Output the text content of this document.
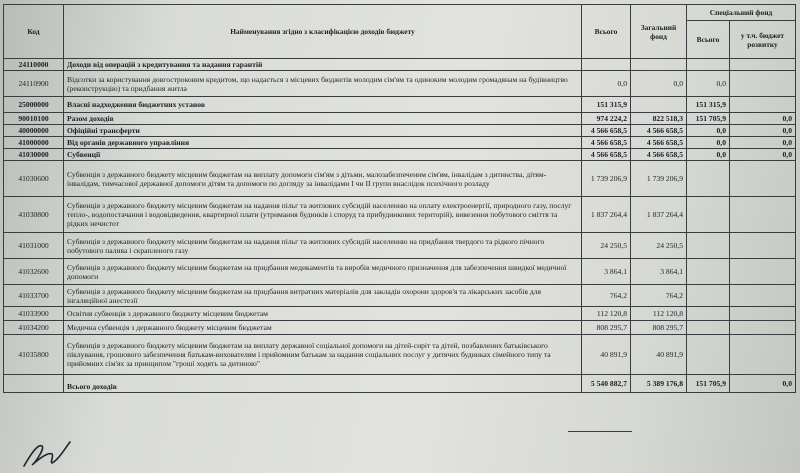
Код	Найменування згідно з класифікацією доходів бюджету	Всього	Загальний фонд	Спеціальний фонд	
				Всього	у т.ч. бюджет розвитку
24110000	Доходи від операцій з кредитування та надання гарантій				
24110900	Відсотки за користування довгостроковим кредитом, що надається з місцевих бюджетів молодим сім'ям та одиноким молодим громадянам на будівництво (реконструкцію) та придбання житла	0,0	0,0	0,0	
25000000	Власні надходження бюджетних установ	151 315,9		151 315,9	
90010100	Разом доходів	974 224,2	822 518,3	151 705,9	0,0
40000000	Офіційні трансферти	4 566 658,5	4 566 658,5	0,0	0,0
41000000	Від органів державного управління	4 566 658,5	4 566 658,5	0,0	0,0
41030000	Субвенції	4 566 658,5	4 566 658,5	0,0	0,0
41030600	Субвенція з державного бюджету місцевим бюджетам на виплату допомоги сім'ям з дітьми, малозабезпеченим сім'ям, інвалідам з дитинства, дітям-інвалідам, тимчасової державної допомоги дітям та допомоги по догляду за інвалідами I чи II групи внаслідок психічного розладу	1 739 206,9	1 739 206,9		
41030800	Субвенція з державного бюджету місцевим бюджетам на надання пільг та житлових субсидій населенню на оплату електроенергії, природного газу, послуг тепло-, водопостачання і водовідведення, квартирної плати (утримання будинків і споруд та прибудинкових територій), вивезення побутового сміття та рідких нечистот	1 837 264,4	1 837 264,4		
41031000	Субвенція з державного бюджету місцевим бюджетам на надання пільг та житлових субсидій населенню на придбання твердого та рідкого пічного побутового палива і скрапленого газу	24 250,5	24 250,5		
41032600	Субвенція з державного бюджету місцевим бюджетам на придбання медикаментів та виробів медичного призначення для забезпечення швидкої медичної допомоги	3 864,1	3 864,1		
41033700	Субвенція з державного бюджету місцевим бюджетам на придбання витратних матеріалів для закладів охорони здоров'я та лікарських засобів для інгаляційної анестезії	764,2	764,2		
41033900	Освітня субвенція з державного бюджету місцевим бюджетам	112 120,8	112 120,8		
41034200	Медична субвенція з державного бюджету місцевим бюджетам	808 295,7	808 295,7		
41035800	Субвенція з державного бюджету місцевим бюджетам на виплату державної соціальної допомоги на дітей-сиріт та дітей, позбавлених батьківського піклування, грошового забезпечення батькам-вихователям і прийомним батькам за надання соціальних послуг у дитячих будинках сімейного типу та прийомних сім'ях за принципом "гроші ходять за дитиною"	40 891,9	40 891,9		
	Всього доходів	5 540 882,7	5 389 176,8	151 705,9	0,0
